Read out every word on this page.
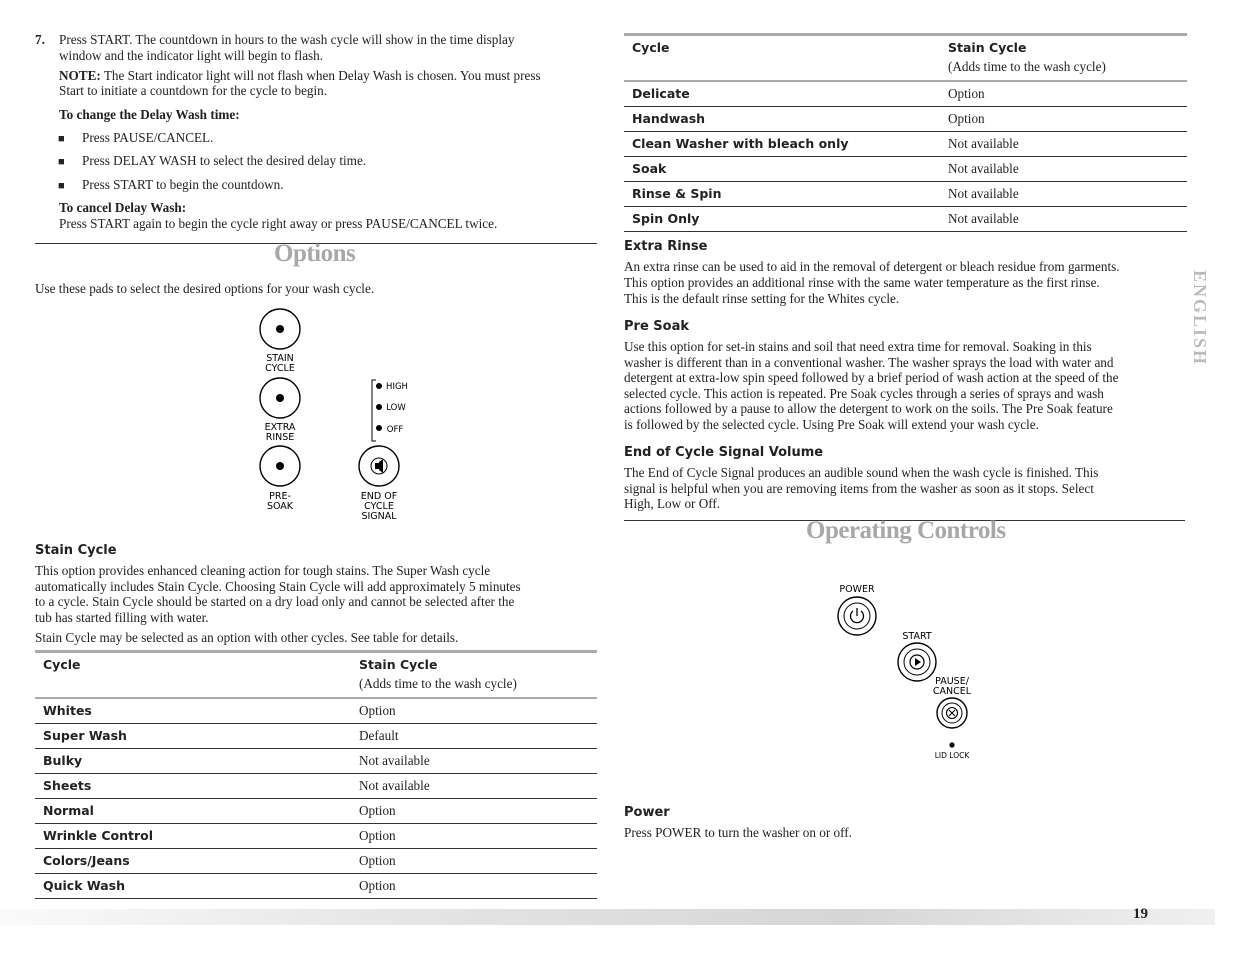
7. Press START. The countdown in hours to the wash cycle will show in the time display

window and the indicator light will begin to flash.

NOTE: The Start indicator light will not flash when Delay Wash is chosen. You must press

Start to initiate a countdown for the cycle to begin.

To change the Delay Wash time:

■ Press PAUSE/CANCEL.

■ Press DELAY WASH to select the desired delay time.

■ Press START to begin the countdown.

To cancel Delay Wash:

Press START again to begin the cycle right away or press PAUSE/CANCEL twice.

Options

Use these pads to select the desired options for your wash cycle.

STAIN
CYCLE
EXTRA
RINSE
PRE-
SOAK
HIGH
LOW
OFF
END OF
CYCLE
SIGNAL
Stain Cycle

This option provides enhanced cleaning action for tough stains. The Super Wash cycle

automatically includes Stain Cycle. Choosing Stain Cycle will add approximately 5 minutes

to a cycle. Stain Cycle should be started on a dry load only and cannot be selected after the

tub has started filling with water.

Stain Cycle may be selected as an option with other cycles. See table for details.

Cycle	Stain Cycle
(Adds time to the wash cycle)

Whites	Option
Super Wash	Default
Bulky	Not available
Sheets	Not available
Normal	Option
Wrinkle Control	Option
Colors/Jeans	Option
Quick Wash	Option
Cycle	Stain Cycle
(Adds time to the wash cycle)

Delicate	Option
Handwash	Option
Clean Washer with bleach only	Not available
Soak	Not available
Rinse & Spin	Not available
Spin Only	Not available
Extra Rinse

An extra rinse can be used to aid in the removal of detergent or bleach residue from garments.

This option provides an additional rinse with the same water temperature as the first rinse.

This is the default rinse setting for the Whites cycle.

Pre Soak

Use this option for set-in stains and soil that need extra time for removal. Soaking in this

washer is different than in a conventional washer. The washer sprays the load with water and

detergent at extra-low spin speed followed by a brief period of wash action at the speed of the

selected cycle. This action is repeated. Pre Soak cycles through a series of sprays and wash

actions followed by a pause to allow the detergent to work on the soils. The Pre Soak feature

is followed by the selected cycle. Using Pre Soak will extend your wash cycle.

End of Cycle Signal Volume

The End of Cycle Signal produces an audible sound when the wash cycle is finished. This

signal is helpful when you are removing items from the washer as soon as it stops. Select

High, Low or Off.

Operating Controls
POWER
START
PAUSE/
CANCEL
LID LOCK
Power

Press POWER to turn the washer on or off.

ENGLISH
19
